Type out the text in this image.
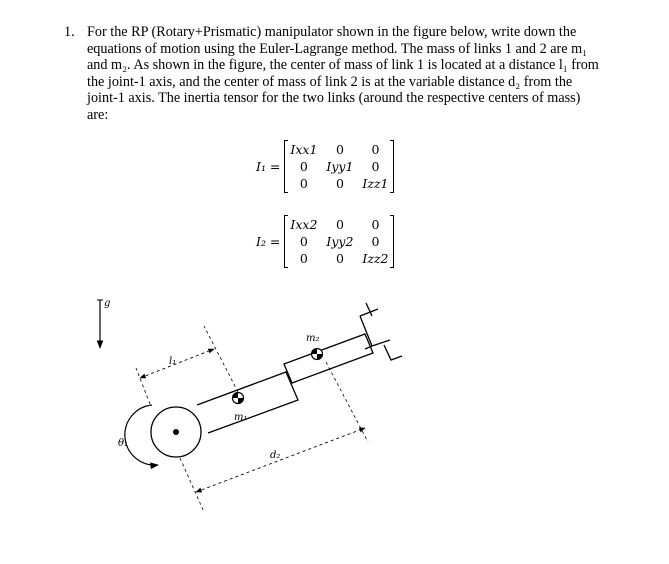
1. For the RP (Rotary+Prismatic) manipulator shown in the figure below, write down the equations of motion using the Euler-Lagrange method. The mass of links 1 and 2 are m₁ and m₂. As shown in the figure, the center of mass of link 1 is located at a distance l₁ from the joint-1 axis, and the center of mass of link 2 is at the variable distance d₂ from the joint-1 axis. The inertia tensor for the two links (around the respective centers of mass) are:
I₁ =
Ixx1	0	0
0	Iyy1	0
0	0	Izz1
I₂ =
Ixx2	0	0
0	Iyy2	0
0	0	Izz2
g
θ₁
m₁
m₂
l₁
d₂
